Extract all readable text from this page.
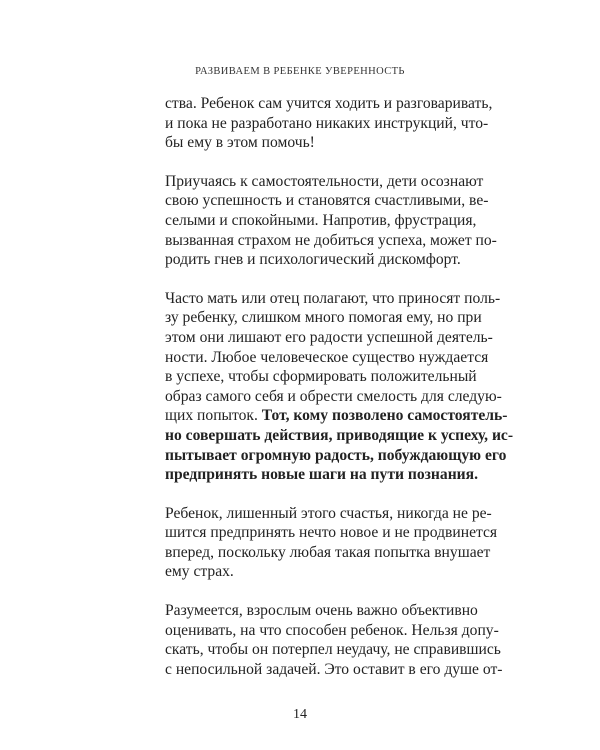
РАЗВИВАЕМ В РЕБЕНКЕ УВЕРЕННОСТЬ
ства. Ребенок сам учится ходить и разговаривать,
и пока не разработано никаких инструкций, что-
бы ему в этом помочь!
Приучаясь к самостоятельности, дети осознают
свою успешность и становятся счастливыми, ве-
селыми и спокойными. Напротив, фрустрация,
вызванная страхом не добиться успеха, может по-
родить гнев и психологический дискомфорт.
Часто мать или отец полагают, что приносят поль-
зу ребенку, слишком много помогая ему, но при
этом они лишают его радости успешной деятель-
ности. Любое человеческое существо нуждается
в успехе, чтобы сформировать положительный
образ самого себя и обрести смелость для следую-
щих попыток. Тот, кому позволено самостоятель-
но совершать действия, приводящие к успеху, ис-
пытывает огромную радость, побуждающую его
предпринять новые шаги на пути познания.
Ребенок, лишенный этого счастья, никогда не ре-
шится предпринять нечто новое и не продвинется
вперед, поскольку любая такая попытка внушает
ему страх.
Разумеется, взрослым очень важно объективно
оценивать, на что способен ребенок. Нельзя допу-
скать, чтобы он потерпел неудачу, не справившись
с непосильной задачей. Это оставит в его душе от-
14
